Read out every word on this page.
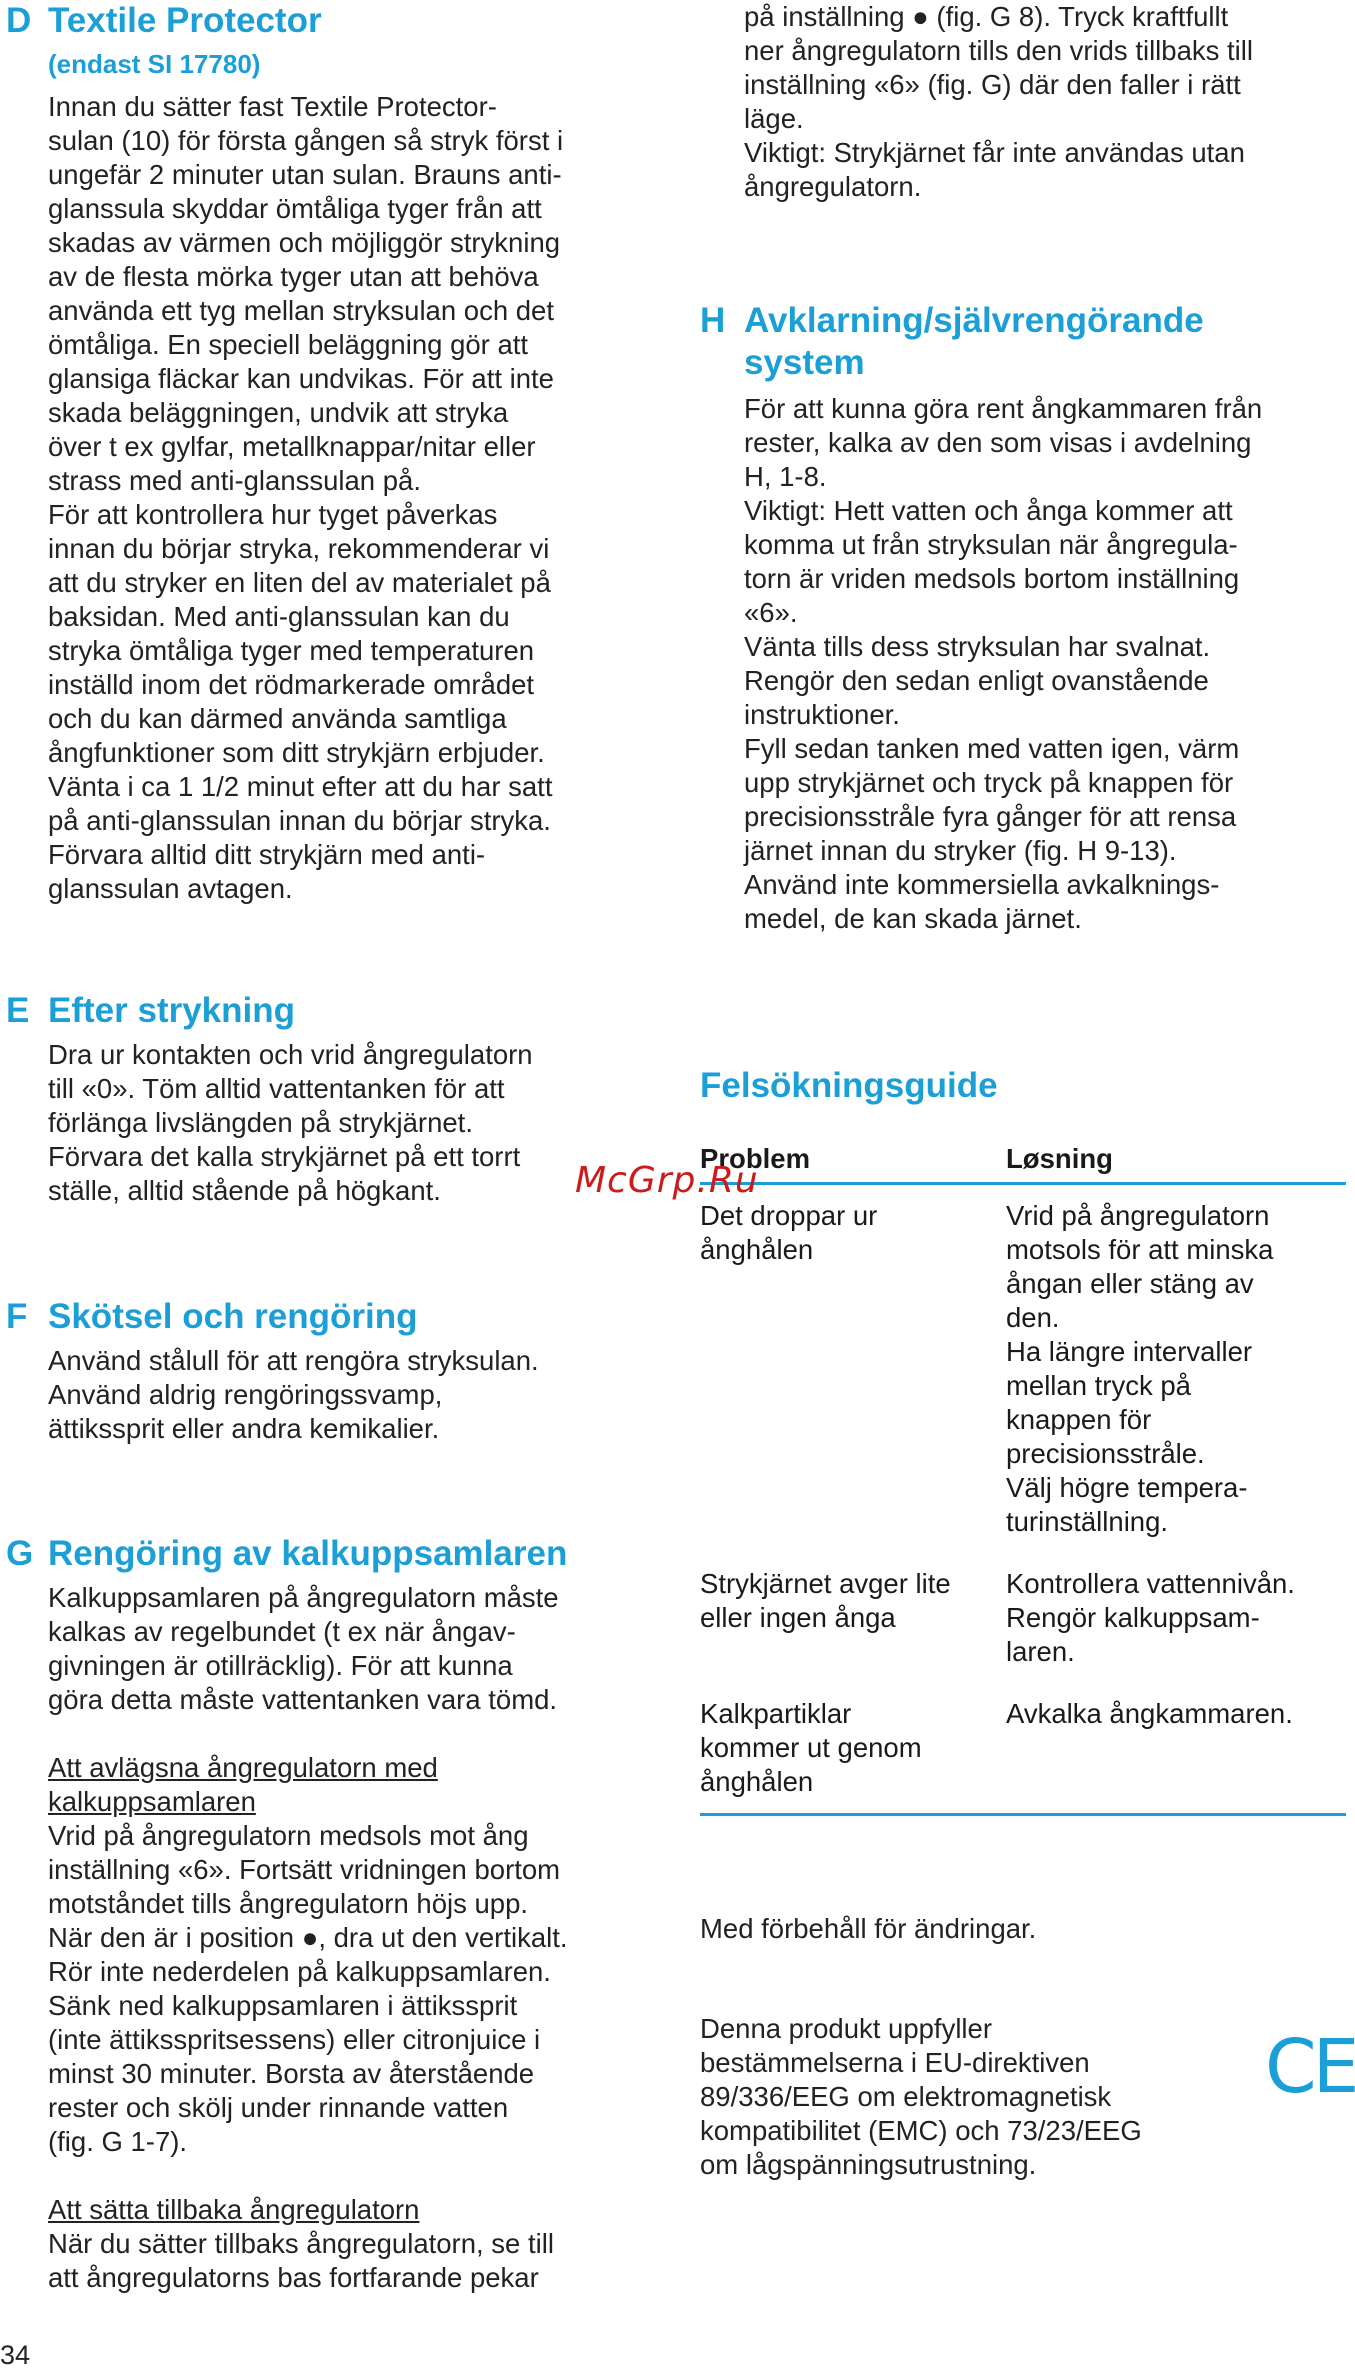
D Textile Protector
(endast SI 17780)

Innan du sätter fast Textile Protector-

sulan (10) för första gången så stryk först i

ungefär 2 minuter utan sulan. Brauns anti-

glanssula skyddar ömtåliga tyger från att

skadas av värmen och möjliggör strykning

av de flesta mörka tyger utan att behöva

använda ett tyg mellan stryksulan och det

ömtåliga. En speciell beläggning gör att

glansiga fläckar kan undvikas. För att inte

skada beläggningen, undvik att stryka

över t ex gylfar, metallknappar/nitar eller

strass med anti-glanssulan på.

För att kontrollera hur tyget påverkas

innan du börjar stryka, rekommenderar vi

att du stryker en liten del av materialet på

baksidan. Med anti-glanssulan kan du

stryka ömtåliga tyger med temperaturen

inställd inom det rödmarkerade området

och du kan därmed använda samtliga

ångfunktioner som ditt strykjärn erbjuder.

Vänta i ca 1 1/2 minut efter att du har satt

på anti-glanssulan innan du börjar stryka.

Förvara alltid ditt strykjärn med anti-

glanssulan avtagen.

E Efter strykning

Dra ur kontakten och vrid ångregulatorn

till «0». Töm alltid vattentanken för att

förlänga livslängden på strykjärnet.

Förvara det kalla strykjärnet på ett torrt

ställe, alltid stående på högkant.

F Skötsel och rengöring

Använd stålull för att rengöra stryksulan.

Använd aldrig rengöringssvamp,

ättikssprit eller andra kemikalier.

G Rengöring av kalkuppsamlaren

Kalkuppsamlaren på ångregulatorn måste

kalkas av regelbundet (t ex när ångav-

givningen är otillräcklig). För att kunna

göra detta måste vattentanken vara tömd.

Att avlägsna ångregulatorn med

kalkuppsamlaren

Vrid på ångregulatorn medsols mot ång

inställning «6». Fortsätt vridningen bortom

motståndet tills ångregulatorn höjs upp.

När den är i position ●, dra ut den vertikalt.

Rör inte nederdelen på kalkuppsamlaren.

Sänk ned kalkuppsamlaren i ättikssprit

(inte ättiksspritsessens) eller citronjuice i

minst 30 minuter. Borsta av återstående

rester och skölj under rinnande vatten

(fig. G 1-7).

Att sätta tillbaka ångregulatorn

När du sätter tillbaks ångregulatorn, se till

att ångregulatorns bas fortfarande pekar

34

på inställning ● (fig. G 8). Tryck kraftfullt

ner ångregulatorn tills den vrids tillbaks till

inställning «6» (fig. G) där den faller i rätt

läge.

Viktigt: Strykjärnet får inte användas utan

ångregulatorn.

H Avklarning/självrengörande
system

För att kunna göra rent ångkammaren från

rester, kalka av den som visas i avdelning

H, 1-8.

Viktigt: Hett vatten och ånga kommer att

komma ut från stryksulan när ångregula-

torn är vriden medsols bortom inställning

«6».

Vänta tills dess stryksulan har svalnat.

Rengör den sedan enligt ovanstående

instruktioner.

Fyll sedan tanken med vatten igen, värm

upp strykjärnet och tryck på knappen för

precisionsstråle fyra gånger för att rensa

järnet innan du stryker (fig. H 9-13).

Använd inte kommersiella avkalknings-

medel, de kan skada järnet.

Felsökningsguide
Problem	Løsning
Det droppar ur
ånghålen
Vrid på ångregulatorn
motsols för att minska
ångan eller stäng av
den.
Ha längre intervaller
mellan tryck på
knappen för
precisionsstråle.
Välj högre tempera-
turinställning.
Strykjärnet avger lite
eller ingen ånga
Kontrollera vattennivån.
Rengör kalkuppsam-
laren.
Kalkpartiklar
kommer ut genom
ånghålen
Avkalka ångkammaren.
Med förbehåll för ändringar.

Denna produkt uppfyller

bestämmelserna i EU-direktiven

89/336/EEG om elektromagnetisk

kompatibilitet (EMC) och 73/23/EEG

om lågspänningsutrustning.

CE
McGrp.Ru
